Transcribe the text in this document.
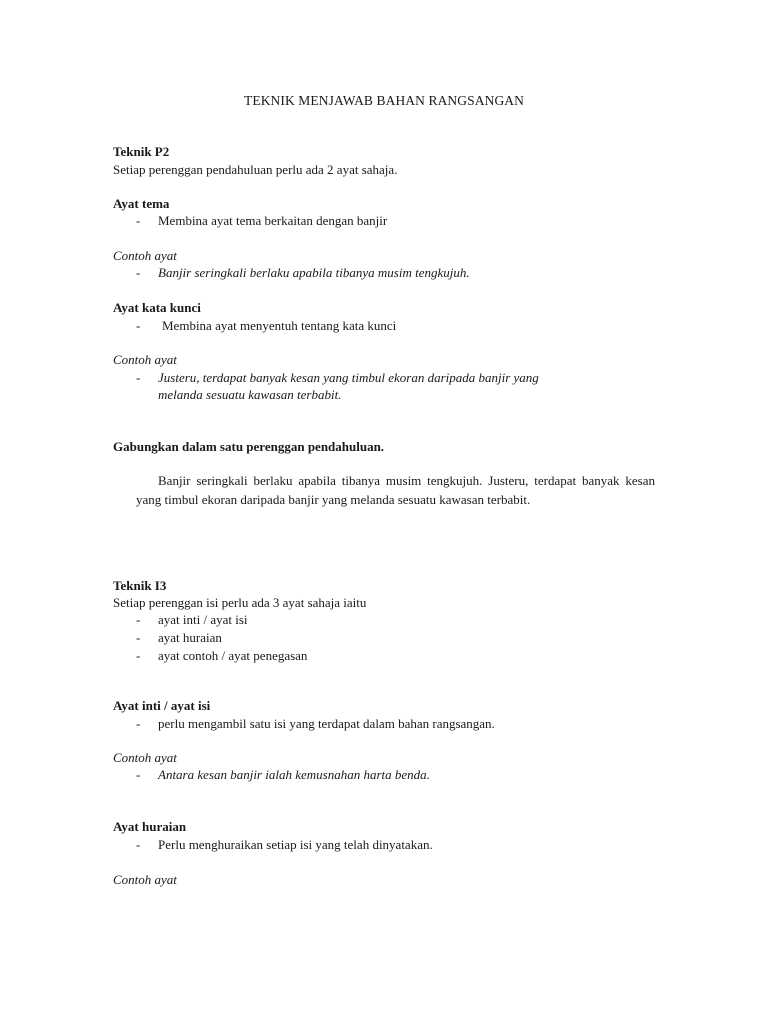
TEKNIK MENJAWAB BAHAN RANGSANGAN
Teknik P2
Setiap perenggan pendahuluan perlu ada 2 ayat sahaja.
Ayat tema
- Membina ayat tema berkaitan dengan banjir
Contoh ayat
- Banjir seringkali berlaku apabila tibanya musim tengkujuh.
Ayat kata kunci
- Membina ayat menyentuh tentang kata kunci
Contoh ayat
- Justeru, terdapat banyak kesan yang timbul ekoran daripada banjir yang
melanda sesuatu kawasan terbabit.
Gabungkan dalam satu perenggan pendahuluan.
Banjir seringkali berlaku apabila tibanya musim tengkujuh. Justeru, terdapat banyak kesan yang timbul ekoran daripada banjir yang melanda sesuatu kawasan terbabit.
Teknik I3
Setiap perenggan isi perlu ada 3 ayat sahaja iaitu
- ayat inti / ayat isi
- ayat huraian
- ayat contoh / ayat penegasan
Ayat inti / ayat isi
- perlu mengambil satu isi yang terdapat dalam bahan rangsangan.
Contoh ayat
- Antara kesan banjir ialah kemusnahan harta benda.
Ayat huraian
- Perlu menghuraikan setiap isi yang telah dinyatakan.
Contoh ayat
